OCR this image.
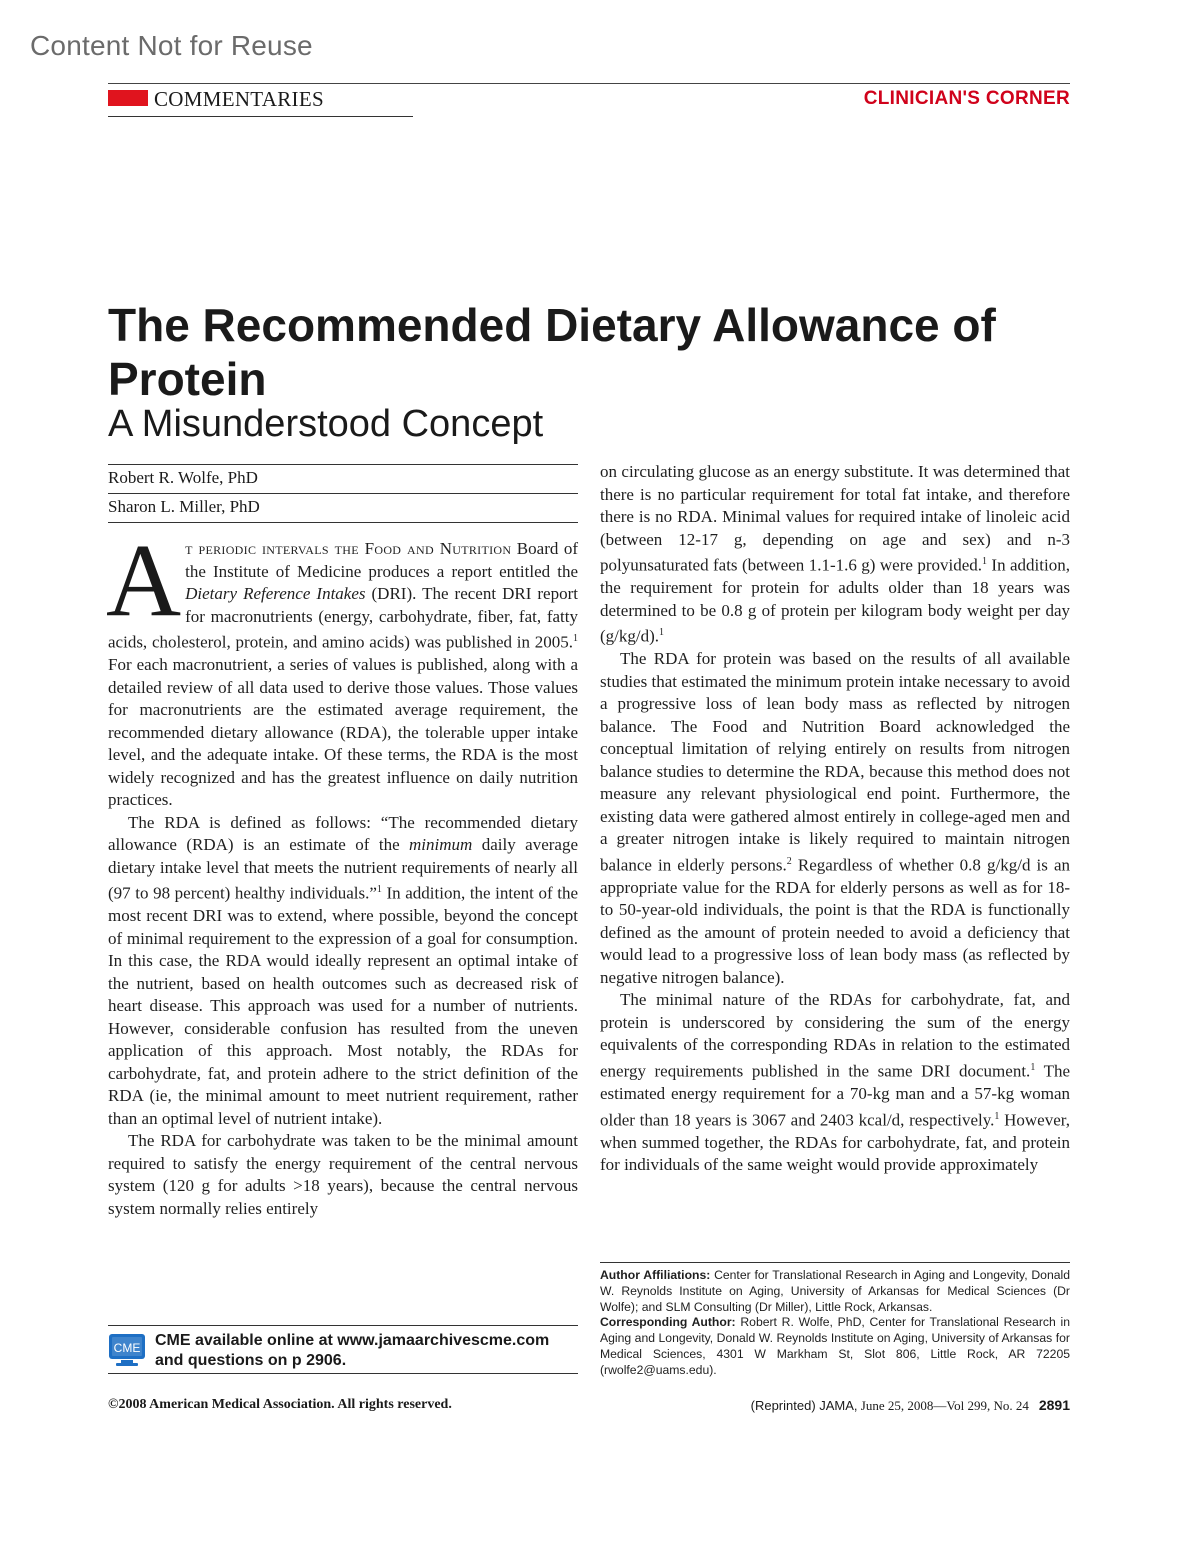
Content Not for Reuse
COMMENTARIES	CLINICIAN'S CORNER
The Recommended Dietary Allowance of Protein
A Misunderstood Concept
Robert R. Wolfe, PhD
Sharon L. Miller, PhD

At periodic intervals the Food and Nutrition Board of the Institute of Medicine produces a report entitled the Dietary Reference Intakes (DRI). The recent DRI report for macronutrients (energy, carbohydrate, fiber, fat, fatty acids, cholesterol, protein, and amino acids) was published in 2005.$^1$ For each macronutrient, a series of values is published, along with a detailed review of all data used to derive those values. Those values for macronutrients are the estimated average requirement, the recommended dietary allowance (RDA), the tolerable upper intake level, and the adequate intake. Of these terms, the RDA is the most widely recognized and has the greatest influence on daily nutrition practices.

The RDA is defined as follows: “The recommended dietary allowance (RDA) is an estimate of the minimum daily average dietary intake level that meets the nutrient requirements of nearly all (97 to 98 percent) healthy individuals.”$^1$ In addition, the intent of the most recent DRI was to extend, where possible, beyond the concept of minimal requirement to the expression of a goal for consumption. In this case, the RDA would ideally represent an optimal intake of the nutrient, based on health outcomes such as decreased risk of heart disease. This approach was used for a number of nutrients. However, considerable confusion has resulted from the uneven application of this approach. Most notably, the RDAs for carbohydrate, fat, and protein adhere to the strict definition of the RDA (ie, the minimal amount to meet nutrient requirement, rather than an optimal level of nutrient intake).

The RDA for carbohydrate was taken to be the minimal amount required to satisfy the energy requirement of the central nervous system (120 g for adults >18 years), because the central nervous system normally relies entirely

on circulating glucose as an energy substitute. It was determined that there is no particular requirement for total fat intake, and therefore there is no RDA. Minimal values for required intake of linoleic acid (between 12-17 g, depending on age and sex) and n-3 polyunsaturated fats (between 1.1-1.6 g) were provided.$^1$ In addition, the requirement for protein for adults older than 18 years was determined to be 0.8 g of protein per kilogram body weight per day (g/kg/d).$^1$

The RDA for protein was based on the results of all available studies that estimated the minimum protein intake necessary to avoid a progressive loss of lean body mass as reflected by nitrogen balance. The Food and Nutrition Board acknowledged the conceptual limitation of relying entirely on results from nitrogen balance studies to determine the RDA, because this method does not measure any relevant physiological end point. Furthermore, the existing data were gathered almost entirely in college-aged men and a greater nitrogen intake is likely required to maintain nitrogen balance in elderly persons.$^2$ Regardless of whether 0.8 g/kg/d is an appropriate value for the RDA for elderly persons as well as for 18- to 50-year-old individuals, the point is that the RDA is functionally defined as the amount of protein needed to avoid a deficiency that would lead to a progressive loss of lean body mass (as reflected by negative nitrogen balance).

The minimal nature of the RDAs for carbohydrate, fat, and protein is underscored by considering the sum of the energy equivalents of the corresponding RDAs in relation to the estimated energy requirements published in the same DRI document.$^1$ The estimated energy requirement for a 70-kg man and a 57-kg woman older than 18 years is 3067 and 2403 kcal/d, respectively.$^1$ However, when summed together, the RDAs for carbohydrate, fat, and protein for individuals of the same weight would provide approximately

CME CME available online at www.jamaarchivescme.com
and questions on p 2906.

Author Affiliations: Center for Translational Research in Aging and Longevity, Donald W. Reynolds Institute on Aging, University of Arkansas for Medical Sciences (Dr Wolfe); and SLM Consulting (Dr Miller), Little Rock, Arkansas.

Corresponding Author: Robert R. Wolfe, PhD, Center for Translational Research in Aging and Longevity, Donald W. Reynolds Institute on Aging, University of Arkansas for Medical Sciences, 4301 W Markham St, Slot 806, Little Rock, AR 72205 (rwolfe2@uams.edu).

©2008 American Medical Association. All rights reserved.	(Reprinted) JAMA, June 25, 2008—Vol 299, No. 24 2891
